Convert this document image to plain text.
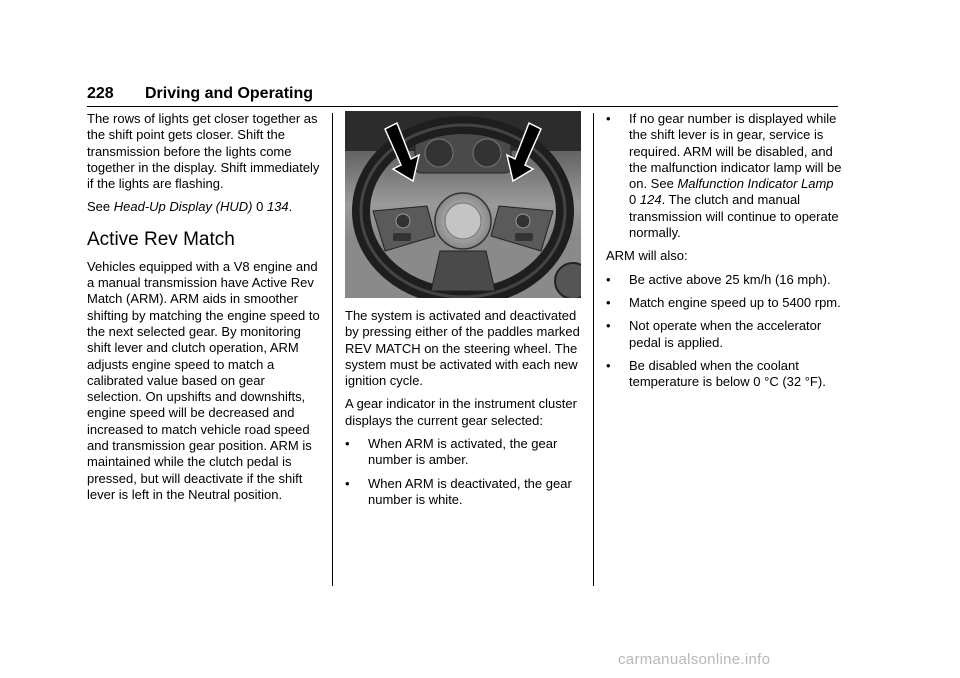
228 Driving and Operating

The rows of lights get closer together as the shift point gets closer. Shift the transmission before the lights come together in the display. Shift immediately if the lights are flashing.

See Head-Up Display (HUD) 0 134.

Active Rev Match

Vehicles equipped with a V8 engine and a manual transmission have Active Rev Match (ARM). ARM aids in smoother shifting by matching the engine speed to the next selected gear. By monitoring shift lever and clutch operation, ARM adjusts engine speed to match a calibrated value based on gear selection. On upshifts and downshifts, engine speed will be decreased and increased to match vehicle road speed and transmission gear position. ARM is maintained while the clutch pedal is pressed, but will deactivate if the shift lever is left in the Neutral position.

The system is activated and deactivated by pressing either of the paddles marked REV MATCH on the steering wheel. The system must be activated with each new ignition cycle.

A gear indicator in the instrument cluster displays the current gear selected:

•	When ARM is activated, the gear number is amber.
•	When ARM is deactivated, the gear number is white.
•	If no gear number is displayed while the shift lever is in gear, service is required. ARM will be disabled, and the malfunction indicator lamp will be on. See Malfunction Indicator Lamp
0 124. The clutch and manual transmission will continue to operate normally.

ARM will also:

•	Be active above 25 km/h (16 mph).
•	Match engine speed up to 5400 rpm.
•	Not operate when the accelerator pedal is applied.
•	Be disabled when the coolant temperature is below 0 °C (32 °F).
carmanualsonline.info
